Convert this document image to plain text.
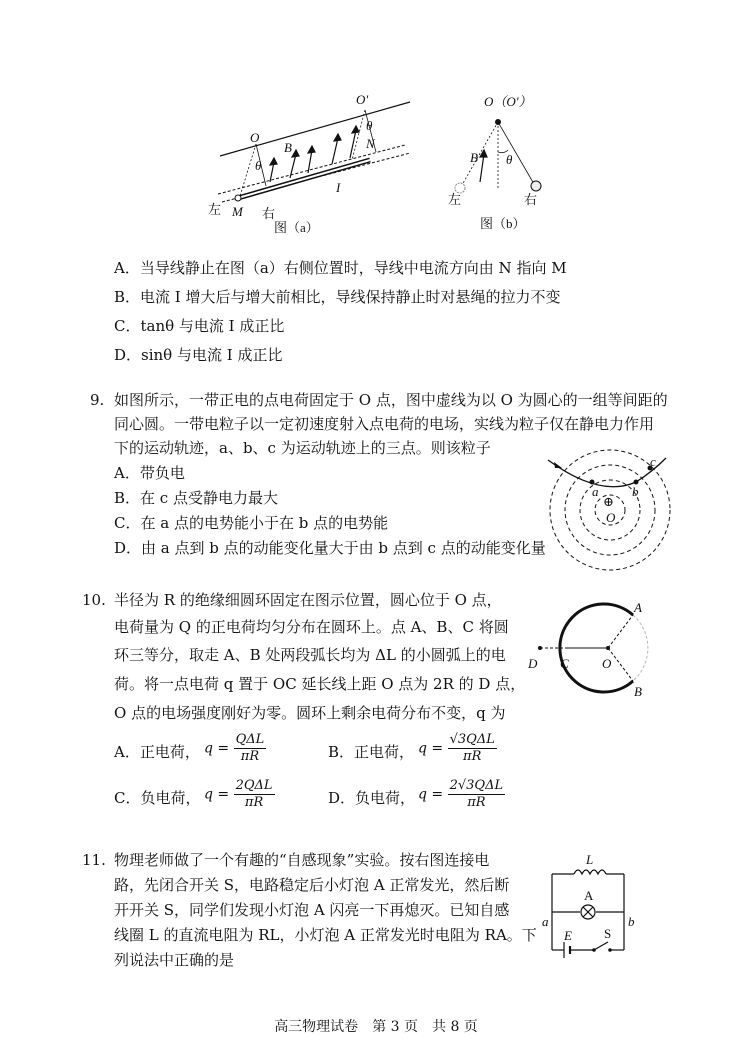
O
O'
B
θ
θ
N
I
M
左	右
图（a）
O（O'）
B θ
左	右
图（b）
A．当导线静止在图（a）右侧位置时，导线中电流方向由 N 指向 M
B．电流 I 增大后与增大前相比，导线保持静止时对悬绳的拉力不变
C．tanθ 与电流 I 成正比
D．sinθ 与电流 I 成正比
9. 如图所示，一带正电的点电荷固定于 O 点，图中虚线为以 O 为圆心的一组等间距的
同心圆。一带电粒子以一定初速度射入点电荷的电场，实线为粒子仅在静电力作用
下的运动轨迹，a、b、c 为运动轨迹上的三点。则该粒子
A．带负电
B．在 c 点受静电力最大
C．在 a 点的电势能小于在 b 点的电势能
D．由 a 点到 b 点的动能变化量大于由 b 点到 c 点的动能变化量
a	b
c
⊕
O
10. 半径为 R 的绝缘细圆环固定在图示位置，圆心位于 O 点，
电荷量为 Q 的正电荷均匀分布在圆环上。点 A、B、C 将圆
环三等分，取走 A、B 处两段弧长均为 ΔL 的小圆弧上的电
荷。将一点电荷 q 置于 OC 延长线上距 O 点为 2R 的 D 点，
O 点的电场强度刚好为零。圆环上剩余电荷分布不变，q 为
A
B
C
D	O
A．正电荷， $q = \frac{\text{QΔL}}{\pi R}$	B．正电荷， $q = \frac{\text{√3QΔL}}{\pi R}$
C．负电荷， $q = \frac{\text{2QΔL}}{\pi R}$	D．负电荷， $q = \frac{\text{2√3QΔL}}{\pi R}$
11. 物理老师做了一个有趣的“自感现象”实验。按右图连接电
路，先闭合开关 S，电路稳定后小灯泡 A 正常发光，然后断
开开关 S，同学们发现小灯泡 A 闪亮一下再熄灭。已知自感
线圈 L 的直流电阻为 RL，小灯泡 A 正常发光时电阻为 RA。下
列说法中正确的是
L
A
a	b
E S
高三物理试卷　第 3 页　共 8 页
